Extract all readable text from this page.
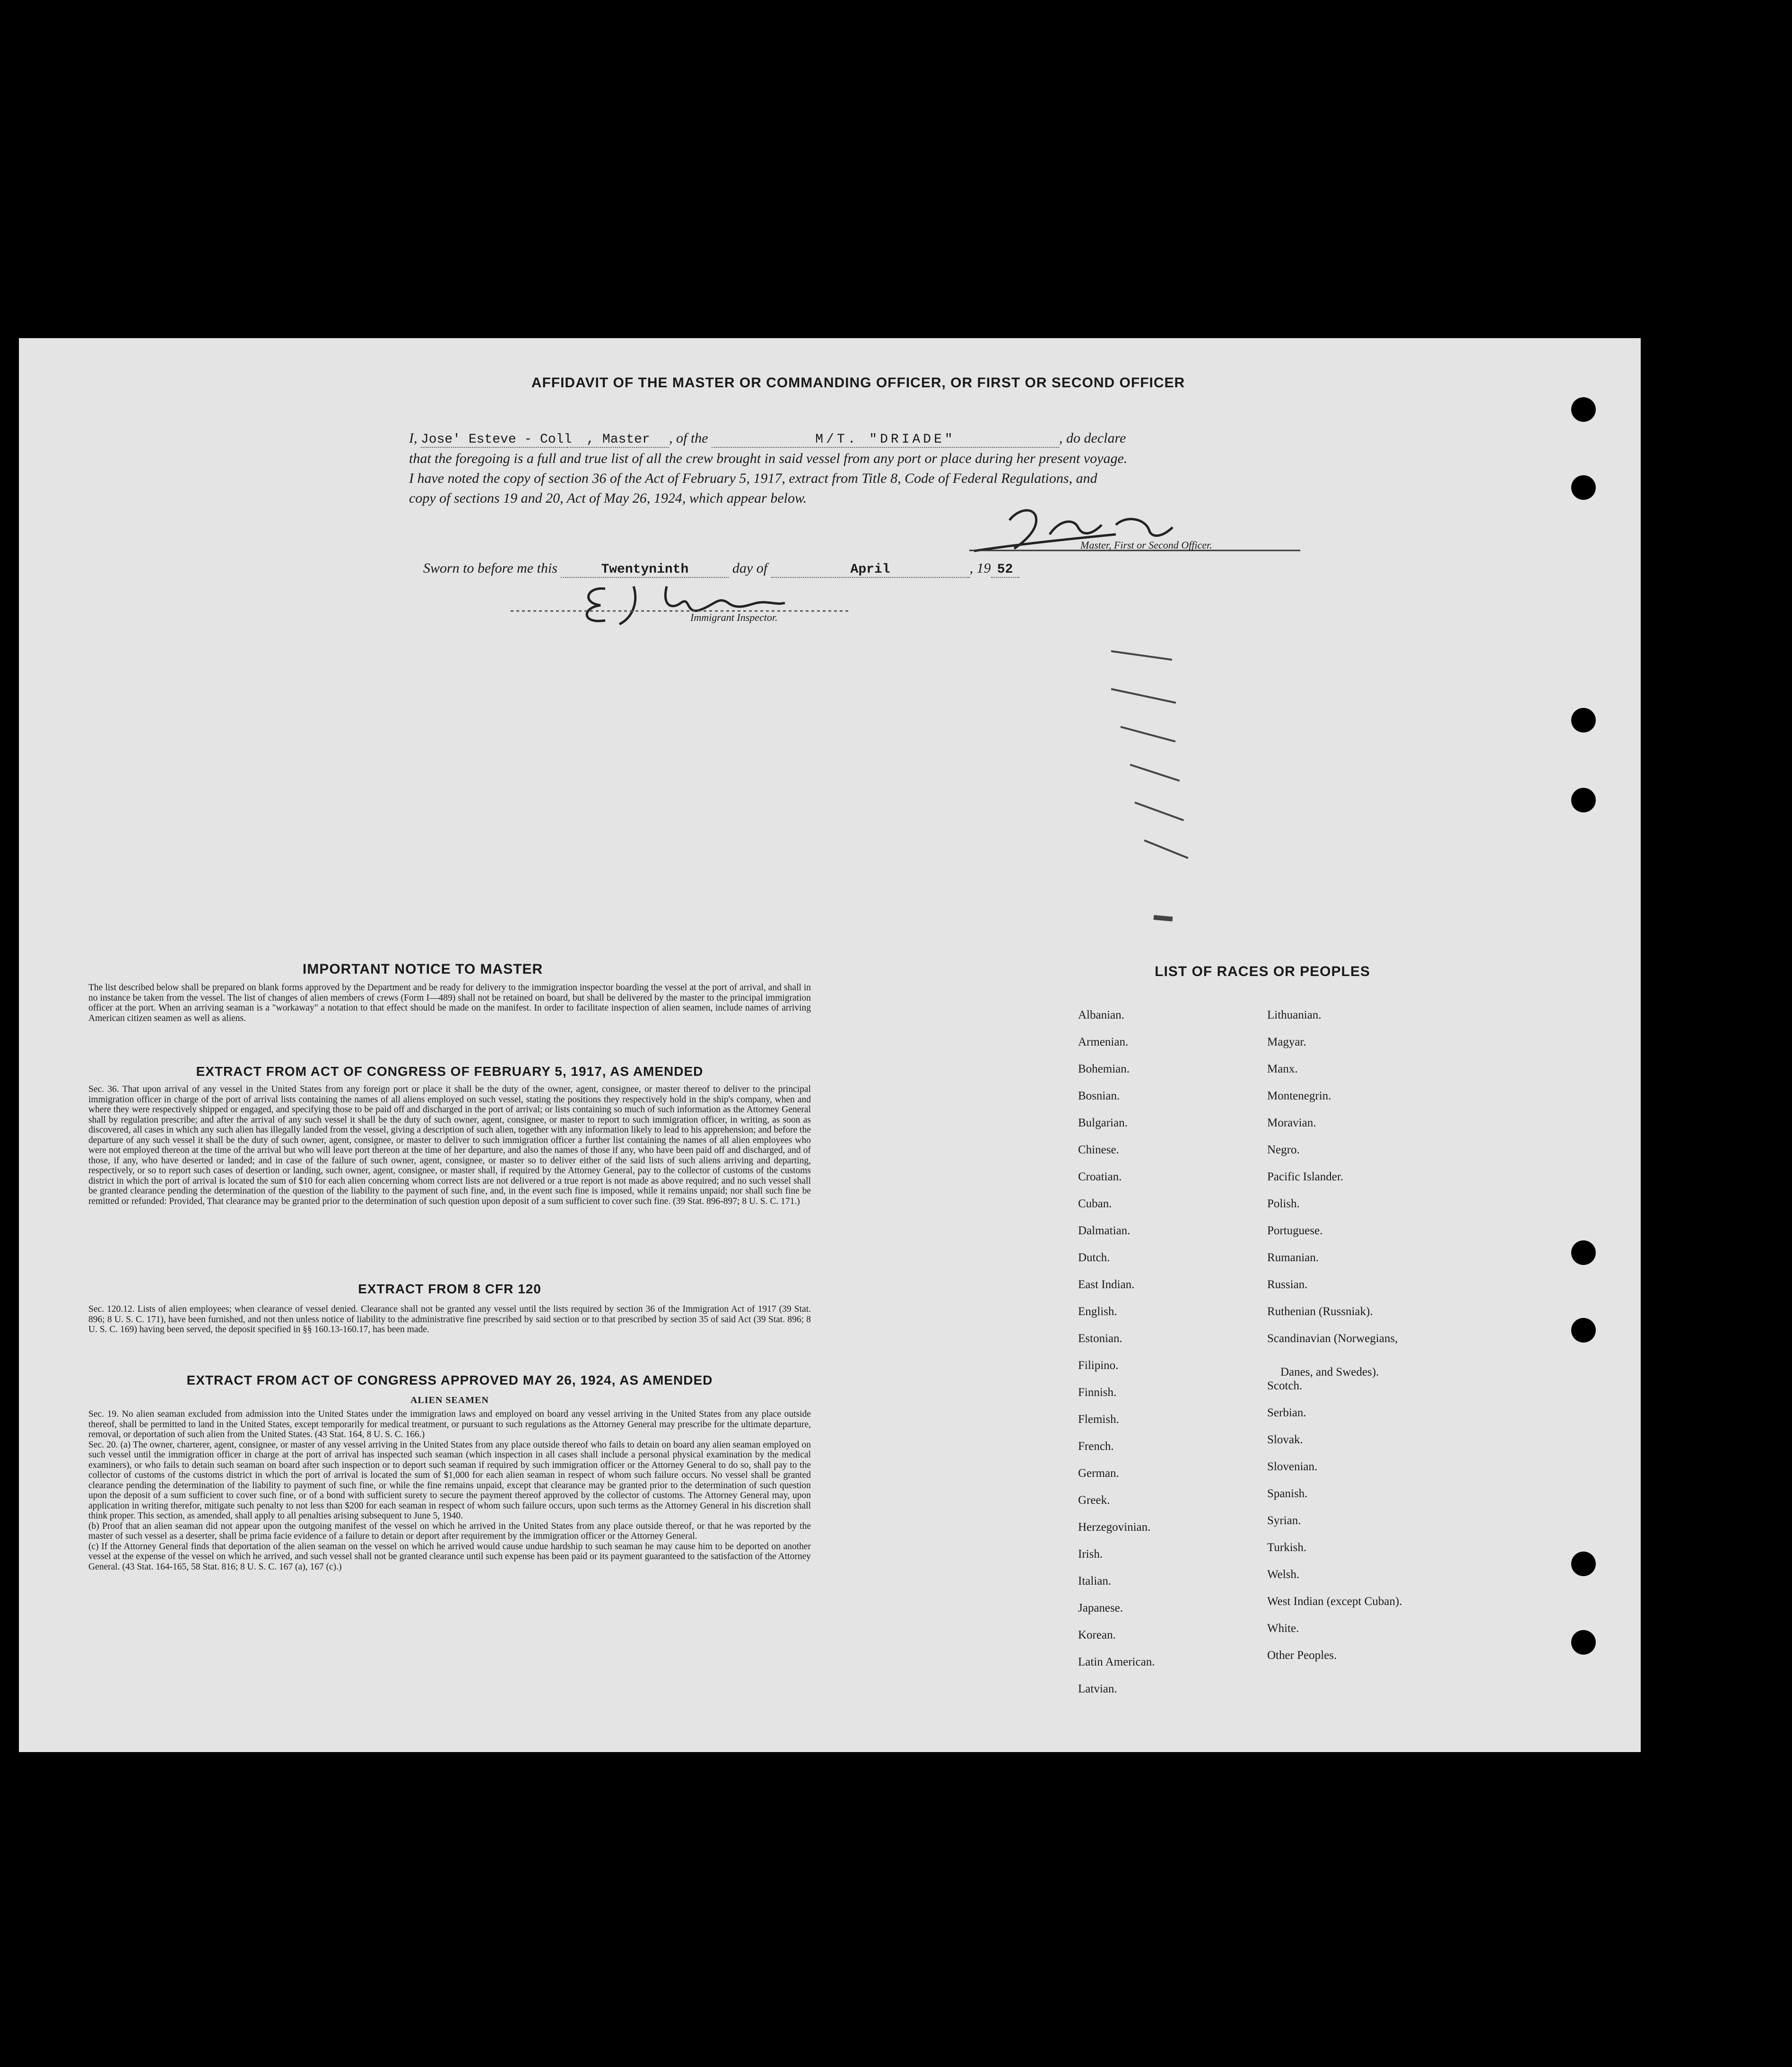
AFFIDAVIT OF THE MASTER OR COMMANDING OFFICER, OR FIRST OR SECOND OFFICER
I, Jose' Esteve - Coll , Master , of the	M/T. "DRIADE"	, do declare
that the foregoing is a full and true list of all the crew brought in said vessel from any port or place during her present voyage.
I have noted the copy of section 36 of the Act of February 5, 1917, extract from Title 8, Code of Federal Regulations, and
copy of sections 19 and 20, Act of May 26, 1924, which appear below.
Master, First or Second Officer.
Sworn to before me this	Twentyninth	day of	April	, 19 52
Immigrant Inspector.
IMPORTANT NOTICE TO MASTER
The list described below shall be prepared on blank forms approved by the Department and be ready for delivery to the immigration inspector boarding the vessel at the port of arrival, and shall in no instance be taken from the vessel. The list of changes of alien members of crews (Form I—489) shall not be retained on board, but shall be delivered by the master to the principal immigration officer at the port. When an arriving seaman is a "workaway" a notation to that effect should be made on the manifest. In order to facilitate inspection of alien seamen, include names of arriving American citizen seamen as well as aliens.
EXTRACT FROM ACT OF CONGRESS OF FEBRUARY 5, 1917, AS AMENDED
Sec. 36. That upon arrival of any vessel in the United States from any foreign port or place it shall be the duty of the owner, agent, consignee, or master thereof to deliver to the principal immigration officer in charge of the port of arrival lists containing the names of all aliens employed on such vessel, stating the positions they respectively hold in the ship's company, when and where they were respectively shipped or engaged, and specifying those to be paid off and discharged in the port of arrival; or lists containing so much of such information as the Attorney General shall by regulation prescribe; and after the arrival of any such vessel it shall be the duty of such owner, agent, consignee, or master to report to such immigration officer, in writing, as soon as discovered, all cases in which any such alien has illegally landed from the vessel, giving a description of such alien, together with any information likely to lead to his apprehension; and before the departure of any such vessel it shall be the duty of such owner, agent, consignee, or master to deliver to such immigration officer a further list containing the names of all alien employees who were not employed thereon at the time of the arrival but who will leave port thereon at the time of her departure, and also the names of those if any, who have been paid off and discharged, and of those, if any, who have deserted or landed; and in case of the failure of such owner, agent, consignee, or master so to deliver either of the said lists of such aliens arriving and departing, respectively, or so to report such cases of desertion or landing, such owner, agent, consignee, or master shall, if required by the Attorney General, pay to the collector of customs of the customs district in which the port of arrival is located the sum of $10 for each alien concerning whom correct lists are not delivered or a true report is not made as above required; and no such vessel shall be granted clearance pending the determination of the question of the liability to the payment of such fine, and, in the event such fine is imposed, while it remains unpaid; nor shall such fine be remitted or refunded: Provided, That clearance may be granted prior to the determination of such question upon deposit of a sum sufficient to cover such fine. (39 Stat. 896-897; 8 U. S. C. 171.)
EXTRACT FROM 8 CFR 120
Sec. 120.12. Lists of alien employees; when clearance of vessel denied. Clearance shall not be granted any vessel until the lists required by section 36 of the Immigration Act of 1917 (39 Stat. 896; 8 U. S. C. 171), have been furnished, and not then unless notice of liability to the administrative fine prescribed by said section or to that prescribed by section 35 of said Act (39 Stat. 896; 8 U. S. C. 169) having been served, the deposit specified in §§ 160.13-160.17, has been made.
EXTRACT FROM ACT OF CONGRESS APPROVED MAY 26, 1924, AS AMENDED
ALIEN SEAMEN

Sec. 19. No alien seaman excluded from admission into the United States under the immigration laws and employed on board any vessel arriving in the United States from any place outside thereof, shall be permitted to land in the United States, except temporarily for medical treatment, or pursuant to such regulations as the Attorney General may prescribe for the ultimate departure, removal, or deportation of such alien from the United States. (43 Stat. 164, 8 U. S. C. 166.)

Sec. 20. (a) The owner, charterer, agent, consignee, or master of any vessel arriving in the United States from any place outside thereof who fails to detain on board any alien seaman employed on such vessel until the immigration officer in charge at the port of arrival has inspected such seaman (which inspection in all cases shall include a personal physical examination by the medical examiners), or who fails to detain such seaman on board after such inspection or to deport such seaman if required by such immigration officer or the Attorney General to do so, shall pay to the collector of customs of the customs district in which the port of arrival is located the sum of $1,000 for each alien seaman in respect of whom such failure occurs. No vessel shall be granted clearance pending the determination of the liability to payment of such fine, or while the fine remains unpaid, except that clearance may be granted prior to the determination of such question upon the deposit of a sum sufficient to cover such fine, or of a bond with sufficient surety to secure the payment thereof approved by the collector of customs. The Attorney General may, upon application in writing therefor, mitigate such penalty to not less than $200 for each seaman in respect of whom such failure occurs, upon such terms as the Attorney General in his discretion shall think proper. This section, as amended, shall apply to all penalties arising subsequent to June 5, 1940.

(b) Proof that an alien seaman did not appear upon the outgoing manifest of the vessel on which he arrived in the United States from any place outside thereof, or that he was reported by the master of such vessel as a deserter, shall be prima facie evidence of a failure to detain or deport after requirement by the immigration officer or the Attorney General.

(c) If the Attorney General finds that deportation of the alien seaman on the vessel on which he arrived would cause undue hardship to such seaman he may cause him to be deported on another vessel at the expense of the vessel on which he arrived, and such vessel shall not be granted clearance until such expense has been paid or its payment guaranteed to the satisfaction of the Attorney General. (43 Stat. 164-165, 58 Stat. 816; 8 U. S. C. 167 (a), 167 (c).)

LIST OF RACES OR PEOPLES
Albanian.
Armenian.
Bohemian.
Bosnian.
Bulgarian.
Chinese.
Croatian.
Cuban.
Dalmatian.
Dutch.
East Indian.
English.
Estonian.
Filipino.
Finnish.
Flemish.
French.
German.
Greek.
Herzegovinian.
Irish.
Italian.
Japanese.
Korean.
Latin American.
Latvian.
Lithuanian.
Magyar.
Manx.
Montenegrin.
Moravian.
Negro.
Pacific Islander.
Polish.
Portuguese.
Rumanian.
Russian.
Ruthenian (Russniak).
Scandinavian (Norwegians,
Danes, and Swedes).
Scotch.
Serbian.
Slovak.
Slovenian.
Spanish.
Syrian.
Turkish.
Welsh.
West Indian (except Cuban).
White.
Other Peoples.
